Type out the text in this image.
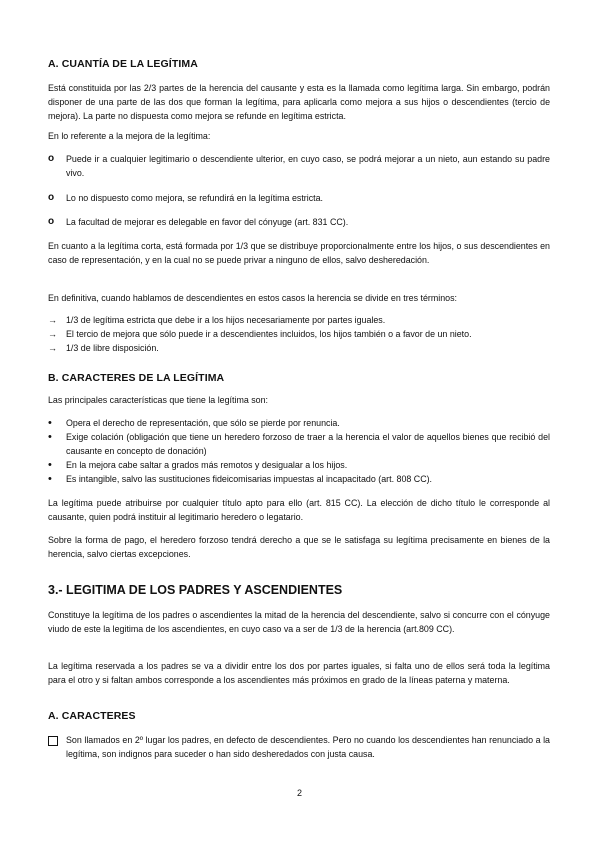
A. CUANTÍA DE LA LEGÍTIMA

Está constituida por las 2/3 partes de la herencia del causante y esta es la llamada como legítima larga. Sin embargo, podrán disponer de una parte de las dos que forman la legítima, para aplicarla como mejora a sus hijos o descendientes (tercio de mejora). La parte no dispuesta como mejora se refunde en legítima estricta.

En lo referente a la mejora de la legítima:

o Puede ir a cualquier legitimario o descendiente ulterior, en cuyo caso, se podrá mejorar a un nieto, aun estando su padre vivo.
o Lo no dispuesto como mejora, se refundirá en la legítima estricta.
o La facultad de mejorar es delegable en favor del cónyuge (art. 831 CC).

En cuanto a la legítima corta, está formada por 1/3 que se distribuye proporcionalmente entre los hijos, o sus descendientes en caso de representación, y en la cual no se puede privar a ninguno de ellos, salvo desheredación.

En definitiva, cuando hablamos de descendientes en estos casos la herencia se divide en tres términos:

→ 1/3 de legítima estricta que debe ir a los hijos necesariamente por partes iguales.
→ El tercio de mejora que sólo puede ir a descendientes incluidos, los hijos también o a favor de un nieto.
→ 1/3 de libre disposición.
B. CARACTERES DE LA LEGÍTIMA

Las principales características que tiene la legítima son:

• Opera el derecho de representación, que sólo se pierde por renuncia.
• Exige colación (obligación que tiene un heredero forzoso de traer a la herencia el valor de aquellos bienes que recibió del causante en concepto de donación)
• En la mejora cabe saltar a grados más remotos y desigualar a los hijos.
• Es intangible, salvo las sustituciones fideicomisarias impuestas al incapacitado (art. 808 CC).

La legítima puede atribuirse por cualquier título apto para ello (art. 815 CC). La elección de dicho título le corresponde al causante, quien podrá instituir al legitimario heredero o legatario.

Sobre la forma de pago, el heredero forzoso tendrá derecho a que se le satisfaga su legítima precisamente en bienes de la herencia, salvo ciertas excepciones.

3.- LEGITIMA DE LOS PADRES Y ASCENDIENTES

Constituye la legítima de los padres o ascendientes la mitad de la herencia del descendiente, salvo si concurre con el cónyuge viudo de este la legitima de los ascendientes, en cuyo caso va a ser de 1/3 de la herencia (art.809 CC).

La legítima reservada a los padres se va a dividir entre los dos por partes iguales, si falta uno de ellos será toda la legítima para el otro y si faltan ambos corresponde a los ascendientes más próximos en grado de la líneas paterna y materna.

A. CARACTERES
Son llamados en 2º lugar los padres, en defecto de descendientes. Pero no cuando los descendientes han renunciado a la legítima, son indignos para suceder o han sido desheredados con justa causa.
2
